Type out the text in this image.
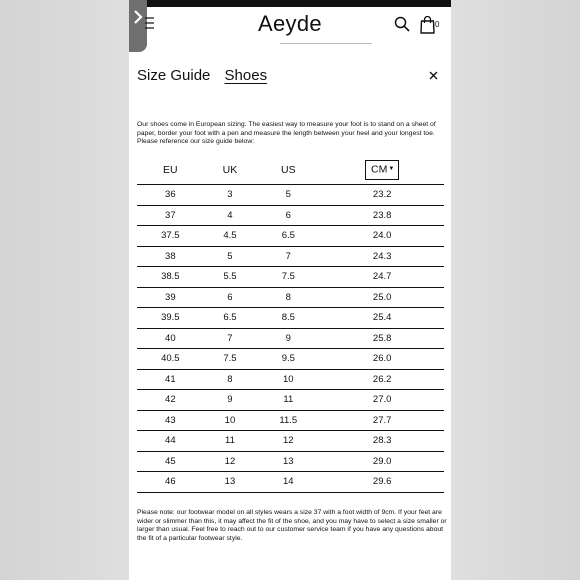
Aeyde	0
Size Guide Shoes
Our shoes come in European sizing. The easiest way to measure your foot is to stand on a sheet of paper, border your foot with a pen and measure the length between your heel and your longest toe. Please reference our size guide below:
EU	UK	US	CM▼
36	3	5	23.2
37	4	6	23.8
37.5	4.5	6.5	24.0
38	5	7	24.3
38.5	5.5	7.5	24.7
39	6	8	25.0
39.5	6.5	8.5	25.4
40	7	9	25.8
40.5	7.5	9.5	26.0
41	8	10	26.2
42	9	11	27.0
43	10	11.5	27.7
44	11	12	28.3
45	12	13	29.0
46	13	14	29.6
Please note: our footwear model on all styles wears a size 37 with a foot width of 9cm. If your feet are wider or slimmer than this, it may affect the fit of the shoe, and you may have to select a size smaller or larger than usual. Feel free to reach out to our customer service team if you have any questions about the fit of a particular footwear style.
